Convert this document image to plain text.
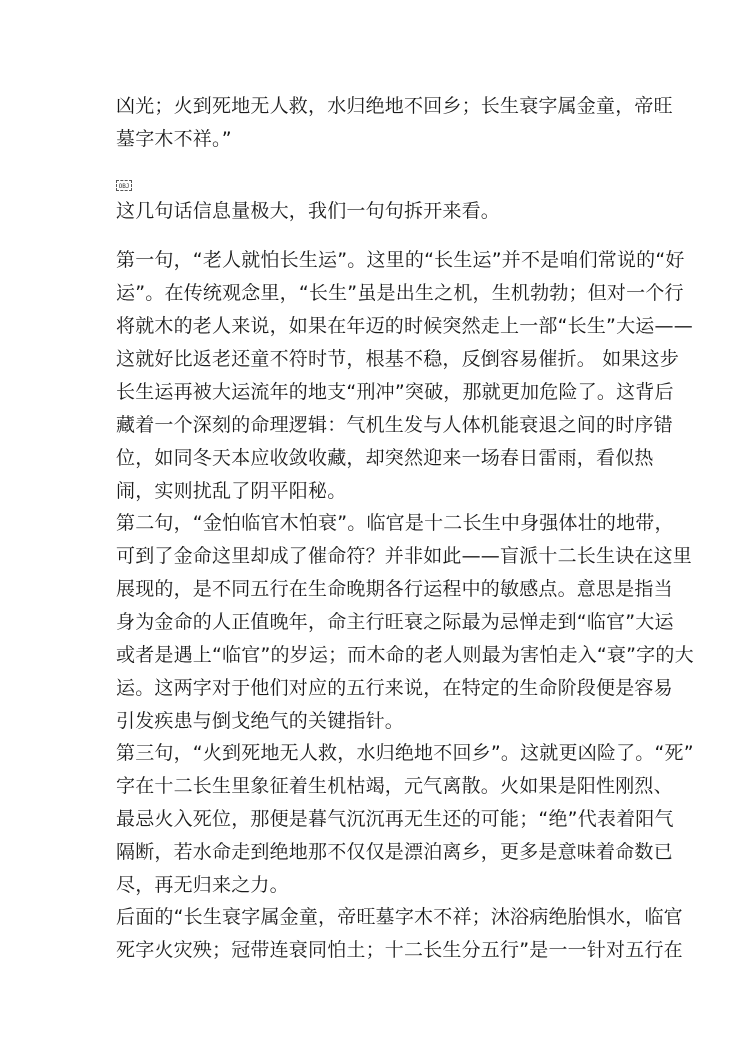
凶光；火到死地无人救，水归绝地不回乡；长生衰字属金童，帝旺
墓字木不祥。”
OBJ
这几句话信息量极大，我们一句句拆开来看。
第一句，“老人就怕长生运”。这里的“长生运”并不是咱们常说的“好
运”。在传统观念里，“长生”虽是出生之机，生机勃勃；但对一个行
将就木的老人来说，如果在年迈的时候突然走上一部“长生”大运——
这就好比返老还童不符时节，根基不稳，反倒容易催折。 如果这步
长生运再被大运流年的地支“刑冲”突破，那就更加危险了。这背后
藏着一个深刻的命理逻辑：气机生发与人体机能衰退之间的时序错
位，如同冬天本应收敛收藏，却突然迎来一场春日雷雨，看似热
闹，实则扰乱了阴平阳秘。
第二句，“金怕临官木怕衰”。临官是十二长生中身强体壮的地带，
可到了金命这里却成了催命符？并非如此——盲派十二长生诀在这里
展现的，是不同五行在生命晚期各行运程中的敏感点。意思是指当
身为金命的人正值晚年，命主行旺衰之际最为忌惮走到“临官”大运
或者是遇上“临官”的岁运；而木命的老人则最为害怕走入“衰”字的大
运。这两字对于他们对应的五行来说，在特定的生命阶段便是容易
引发疾患与倒戈绝气的关键指针。
第三句，“火到死地无人救，水归绝地不回乡”。这就更凶险了。“死”
字在十二长生里象征着生机枯竭，元气离散。火如果是阳性刚烈、
最忌火入死位，那便是暮气沉沉再无生还的可能；“绝”代表着阳气
隔断，若水命走到绝地那不仅仅是漂泊离乡，更多是意味着命数已
尽，再无归来之力。
后面的“长生衰字属金童，帝旺墓字木不祥；沐浴病绝胎惧水，临官
死字火灾殃；冠带连衰同怕土；十二长生分五行”是一一针对五行在
